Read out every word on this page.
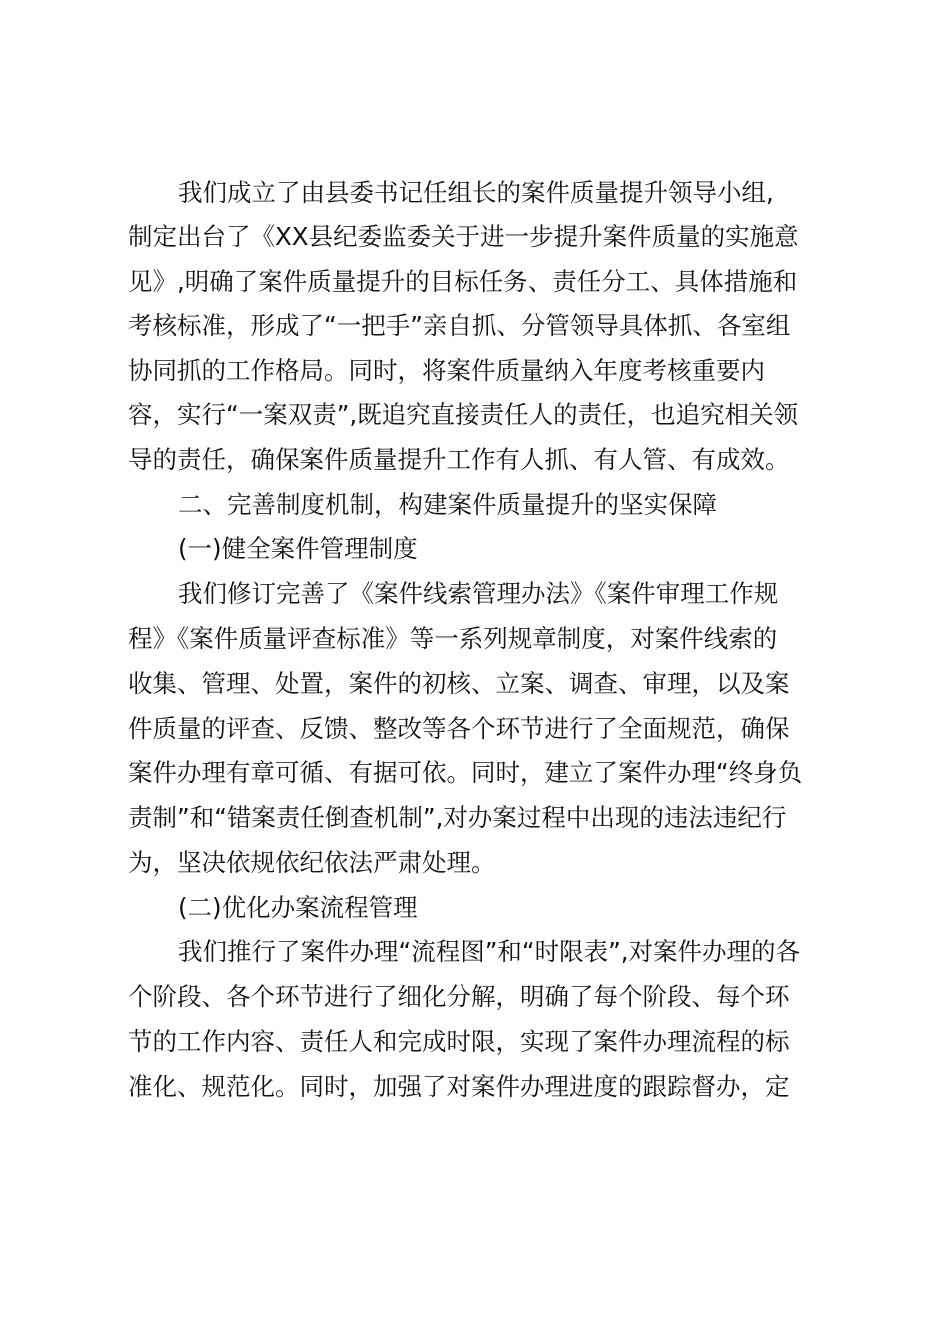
我们成立了由县委书记任组长的案件质量提升领导小组,
制定出台了《XX县纪委监委关于进一步提升案件质量的实施意
见》,明确了案件质量提升的目标任务、责任分工、具体措施和
考核标准，形成了“一把手”亲自抓、分管领导具体抓、各室组
协同抓的工作格局。同时，将案件质量纳入年度考核重要内
容，实行“一案双责”,既追究直接责任人的责任，也追究相关领
导的责任，确保案件质量提升工作有人抓、有人管、有成效。
二、完善制度机制，构建案件质量提升的坚实保障
(一)健全案件管理制度
我们修订完善了《案件线索管理办法》《案件审理工作规
程》《案件质量评查标准》等一系列规章制度，对案件线索的
收集、管理、处置，案件的初核、立案、调查、审理，以及案
件质量的评查、反馈、整改等各个环节进行了全面规范，确保
案件办理有章可循、有据可依。同时，建立了案件办理“终身负
责制”和“错案责任倒查机制”,对办案过程中出现的违法违纪行
为，坚决依规依纪依法严肃处理。
(二)优化办案流程管理
我们推行了案件办理“流程图”和“时限表”,对案件办理的各
个阶段、各个环节进行了细化分解，明确了每个阶段、每个环
节的工作内容、责任人和完成时限，实现了案件办理流程的标
准化、规范化。同时，加强了对案件办理进度的跟踪督办，定
